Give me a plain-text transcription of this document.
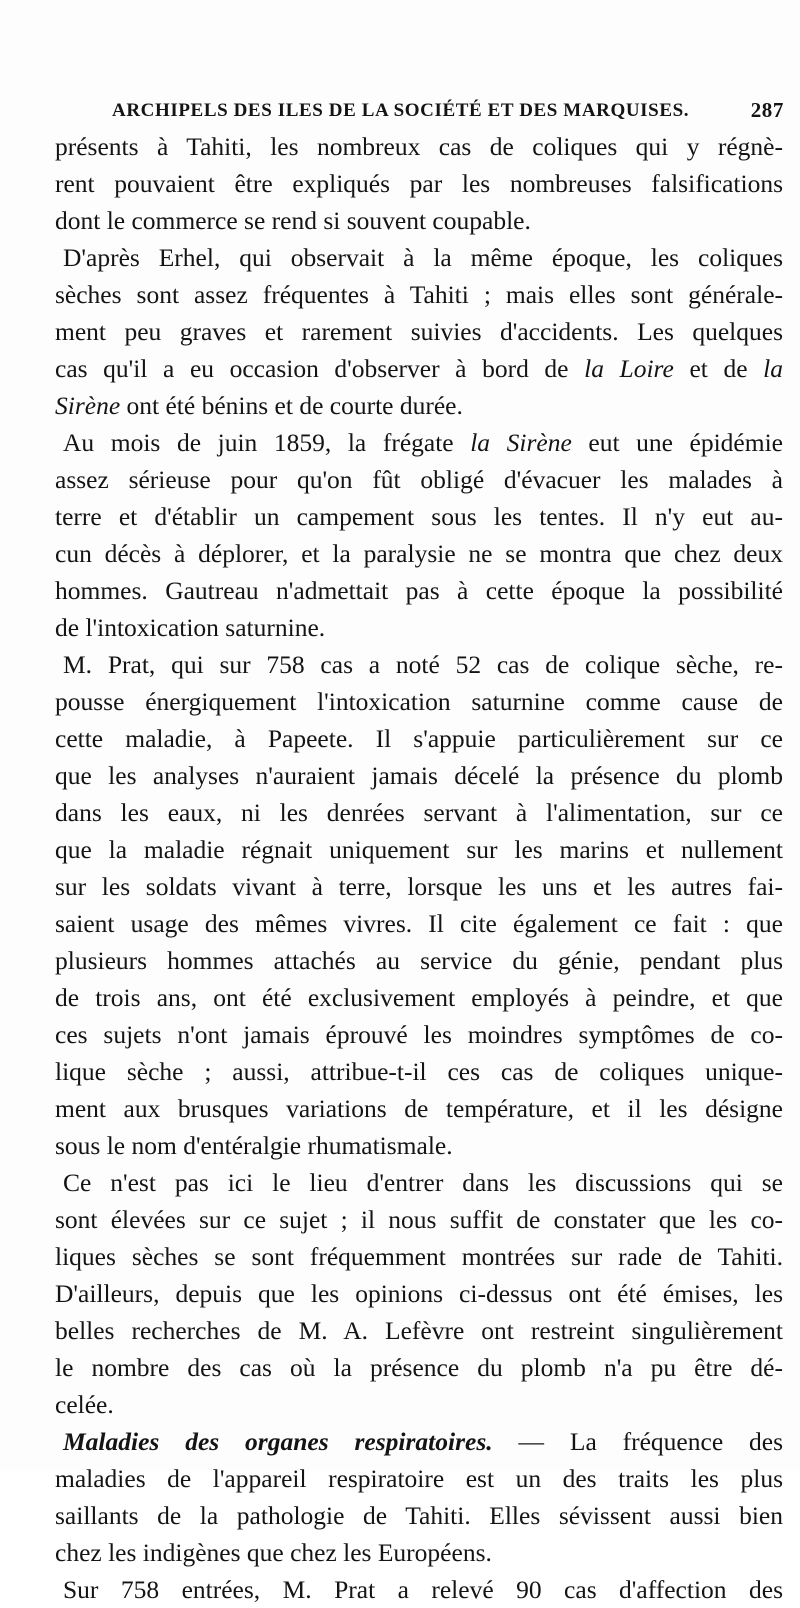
ARCHIPELS DES ILES DE LA SOCIÉTÉ ET DES MARQUISES.	287
présents à Tahiti, les nombreux cas de coliques qui y régnè-
rent pouvaient être expliqués par les nombreuses falsifications
dont le commerce se rend si souvent coupable.
D'après Erhel, qui observait à la même époque, les coliques
sèches sont assez fréquentes à Tahiti ; mais elles sont générale-
ment peu graves et rarement suivies d'accidents. Les quelques
cas qu'il a eu occasion d'observer à bord de la Loire et de la
Sirène ont été bénins et de courte durée.
Au mois de juin 1859, la frégate la Sirène eut une épidémie
assez sérieuse pour qu'on fût obligé d'évacuer les malades à
terre et d'établir un campement sous les tentes. Il n'y eut au-
cun décès à déplorer, et la paralysie ne se montra que chez deux
hommes. Gautreau n'admettait pas à cette époque la possibilité
de l'intoxication saturnine.
M. Prat, qui sur 758 cas a noté 52 cas de colique sèche, re-
pousse énergiquement l'intoxication saturnine comme cause de
cette maladie, à Papeete. Il s'appuie particulièrement sur ce
que les analyses n'auraient jamais décelé la présence du plomb
dans les eaux, ni les denrées servant à l'alimentation, sur ce
que la maladie régnait uniquement sur les marins et nullement
sur les soldats vivant à terre, lorsque les uns et les autres fai-
saient usage des mêmes vivres. Il cite également ce fait : que
plusieurs hommes attachés au service du génie, pendant plus
de trois ans, ont été exclusivement employés à peindre, et que
ces sujets n'ont jamais éprouvé les moindres symptômes de co-
lique sèche ; aussi, attribue-t-il ces cas de coliques unique-
ment aux brusques variations de température, et il les désigne
sous le nom d'entéralgie rhumatismale.
Ce n'est pas ici le lieu d'entrer dans les discussions qui se
sont élevées sur ce sujet ; il nous suffit de constater que les co-
liques sèches se sont fréquemment montrées sur rade de Tahiti.
D'ailleurs, depuis que les opinions ci-dessus ont été émises, les
belles recherches de M. A. Lefèvre ont restreint singulièrement
le nombre des cas où la présence du plomb n'a pu être dé-
celée.
Maladies des organes respiratoires. — La fréquence des
maladies de l'appareil respiratoire est un des traits les plus
saillants de la pathologie de Tahiti. Elles sévissent aussi bien
chez les indigènes que chez les Européens.
Sur 758 entrées, M. Prat a relevé 90 cas d'affection des
